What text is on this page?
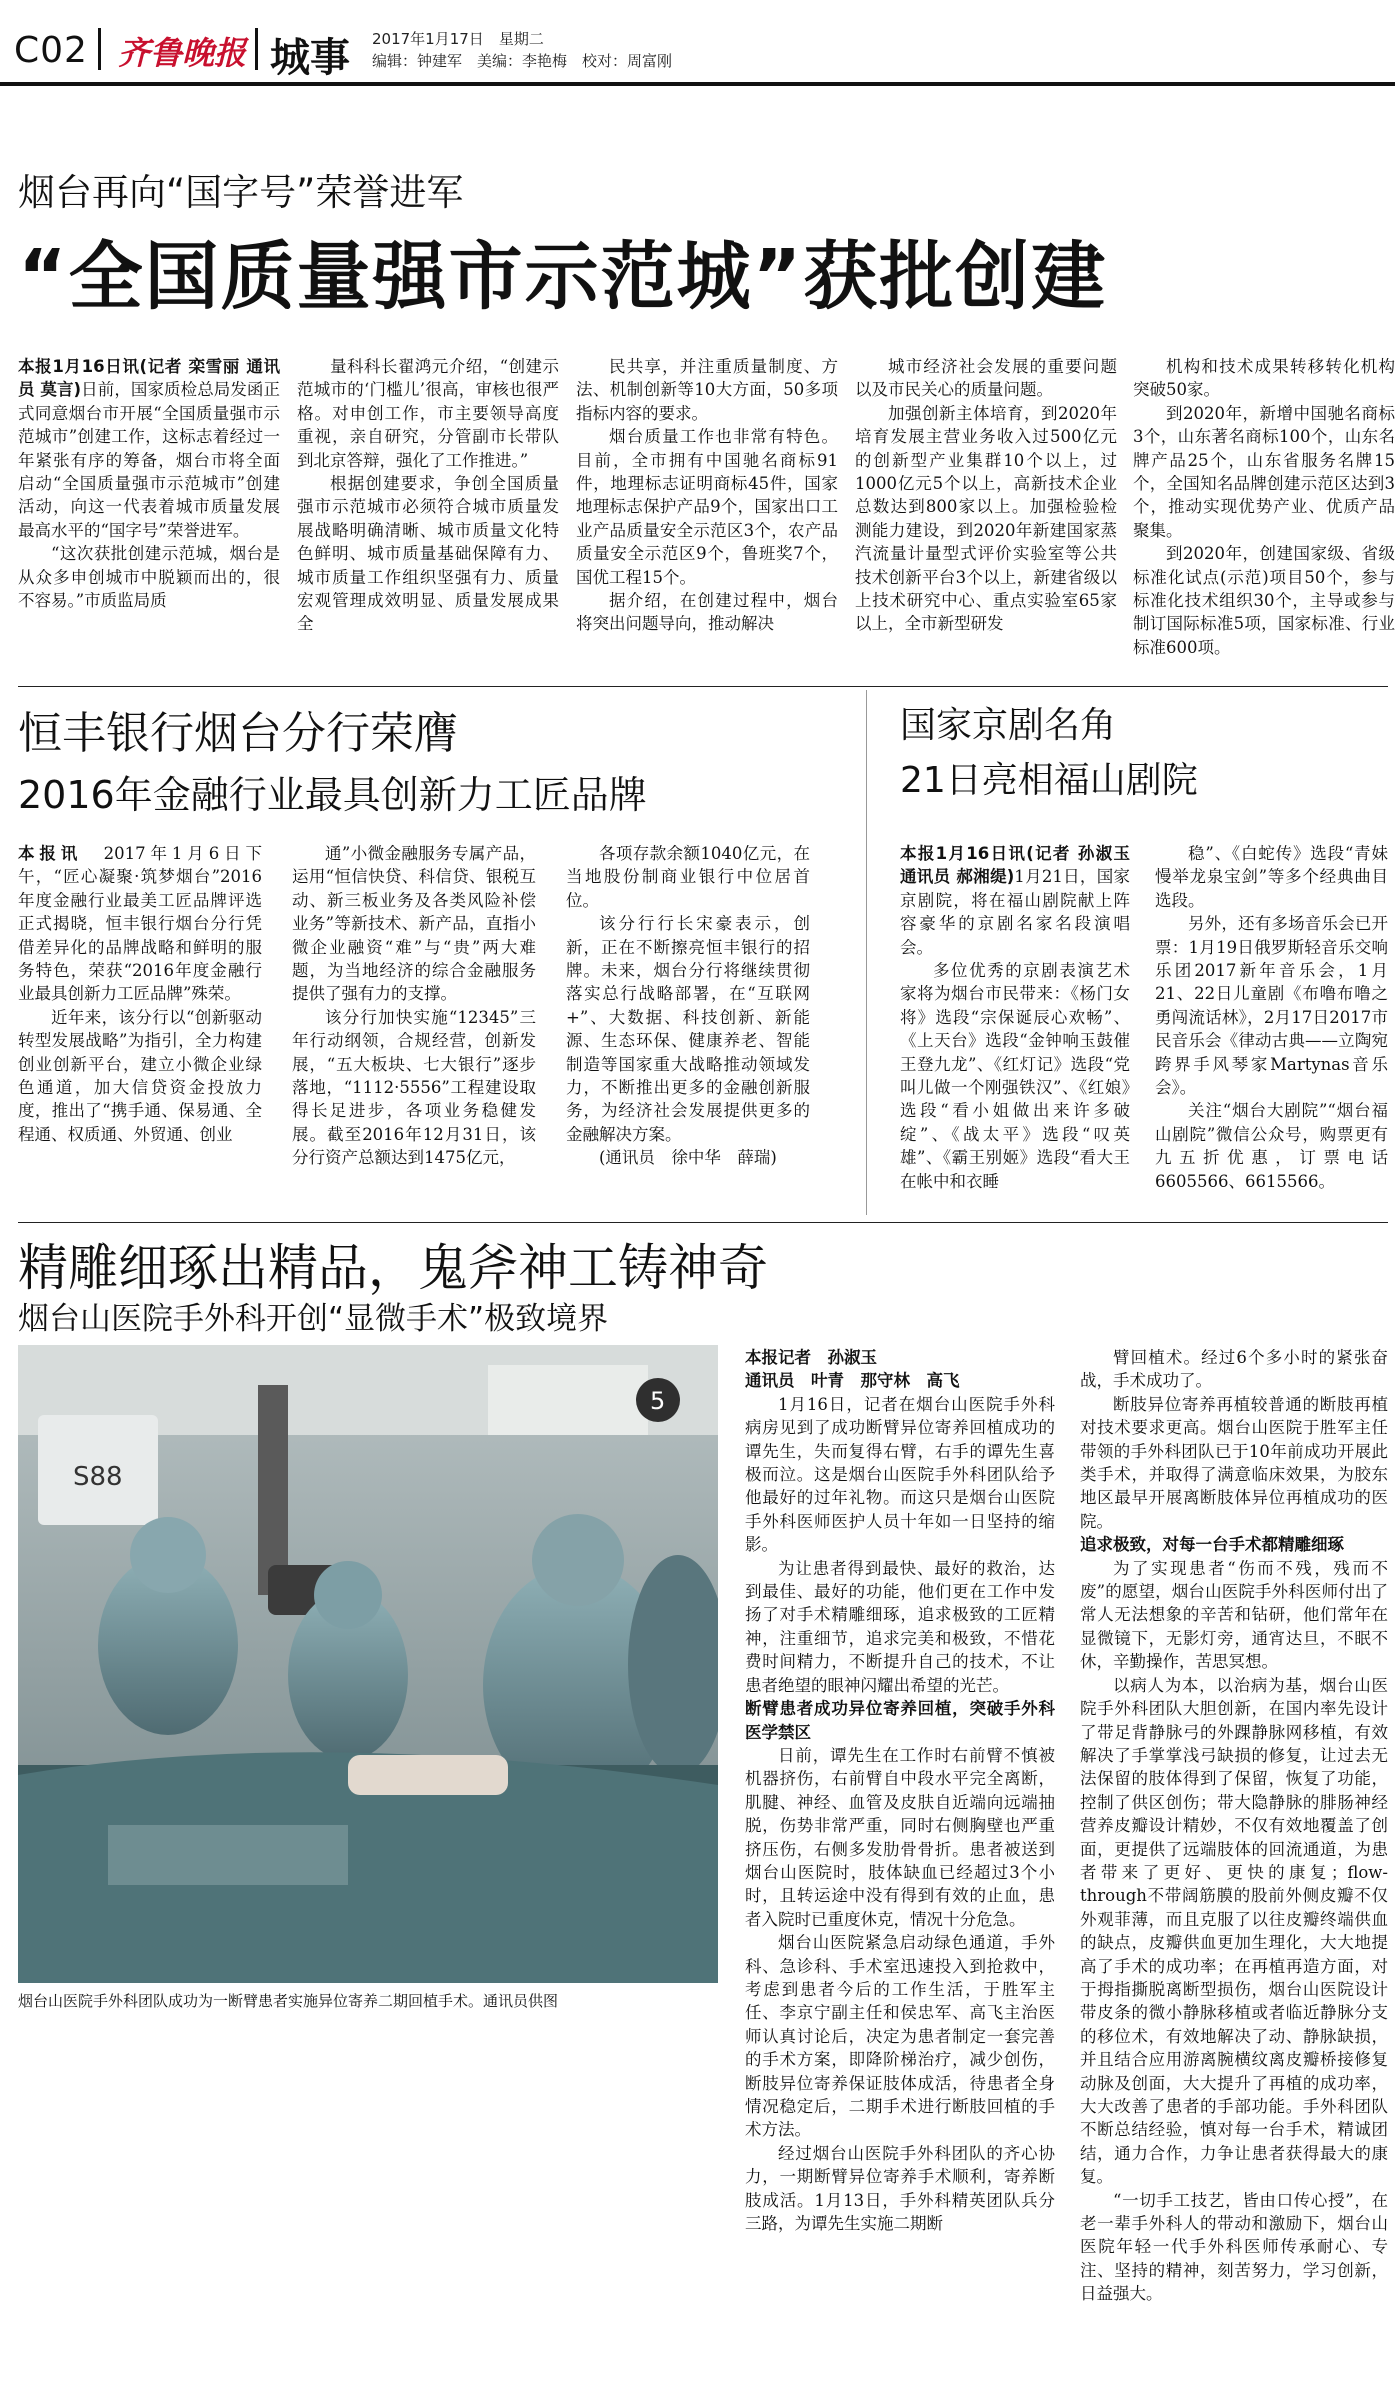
C02 齐鲁晚报 城事 2017年1月17日　 星期二
编辑：钟建军　美编：李艳梅　校对：周富刚
烟台再向“国字号”荣誉进军
“全国质量强市示范城”获批创建

本报1月16日讯(记者 栾雪丽 通讯员 莫言)日前，国家质检总局发函正式同意烟台市开展“全国质量强市示范城市”创建工作，这标志着经过一年紧张有序的筹备，烟台市将全面启动“全国质量强市示范城市”创建活动，向这一代表着城市质量发展最高水平的“国字号”荣誉进军。

“这次获批创建示范城，烟台是从众多申创城市中脱颖而出的，很不容易。”市质监局质

量科科长翟鸿元介绍，“创建示范城市的‘门槛儿’很高，审核也很严格。对申创工作，市主要领导高度重视，亲自研究，分管副市长带队到北京答辩，强化了工作推进。”

根据创建要求，争创全国质量强市示范城市必须符合城市质量发展战略明确清晰、城市质量文化特色鲜明、城市质量基础保障有力、城市质量工作组织坚强有力、质量宏观管理成效明显、质量发展成果全

民共享，并注重质量制度、方法、机制创新等10大方面，50多项指标内容的要求。

烟台质量工作也非常有特色。目前，全市拥有中国驰名商标91件，地理标志证明商标45件，国家地理标志保护产品9个，国家出口工业产品质量安全示范区3个，农产品质量安全示范区9个，鲁班奖7个，国优工程15个。

据介绍，在创建过程中，烟台将突出问题导向，推动解决

城市经济社会发展的重要问题以及市民关心的质量问题。

加强创新主体培育，到2020年培育发展主营业务收入过500亿元的创新型产业集群10个以上，过1000亿元5个以上，高新技术企业总数达到800家以上。加强检验检测能力建设，到2020年新建国家蒸汽流量计量型式评价实验室等公共技术创新平台3个以上，新建省级以上技术研究中心、重点实验室65家以上，全市新型研发

机构和技术成果转移转化机构突破50家。

到2020年，新增中国驰名商标3个，山东著名商标100个，山东名牌产品25个，山东省服务名牌15个，全国知名品牌创建示范区达到3个，推动实现优势产业、优质产品聚集。

到2020年，创建国家级、省级标准化试点(示范)项目50个，参与标准化技术组织30个，主导或参与制订国际标准5项，国家标准、行业标准600项。

恒丰银行烟台分行荣膺
2016年金融行业最具创新力工匠品牌

本报讯　2017年1月6日下午，“匠心凝聚·筑梦烟台”2016年度金融行业最美工匠品牌评选正式揭晓，恒丰银行烟台分行凭借差异化的品牌战略和鲜明的服务特色，荣获“2016年度金融行业最具创新力工匠品牌”殊荣。

近年来，该分行以“创新驱动转型发展战略”为指引，全力构建创业创新平台，建立小微企业绿色通道，加大信贷资金投放力度，推出了“携手通、保易通、全程通、权质通、外贸通、创业

通”小微金融服务专属产品，运用“恒信快贷、科信贷、银税互动、新三板业务及各类风险补偿业务”等新技术、新产品，直指小微企业融资“难”与“贵”两大难题，为当地经济的综合金融服务提供了强有力的支撑。

该分行加快实施“12345”三年行动纲领，合规经营，创新发展，“五大板块、七大银行”逐步落地，“1112·5556”工程建设取得长足进步，各项业务稳健发展。截至2016年12月31日，该分行资产总额达到1475亿元，

各项存款余额1040亿元，在当地股份制商业银行中位居首位。

该分行行长宋豪表示，创新，正在不断擦亮恒丰银行的招牌。未来，烟台分行将继续贯彻落实总行战略部署，在“互联网+”、大数据、科技创新、新能源、生态环保、健康养老、智能制造等国家重大战略推动领域发力，不断推出更多的金融创新服务，为经济社会发展提供更多的金融解决方案。

(通讯员　徐中华　薛瑞)

国家京剧名角
21日亮相福山剧院

本报1月16日讯(记者 孙淑玉 通讯员 郝湘缇)1月21日，国家京剧院，将在福山剧院献上阵容豪华的京剧名家名段演唱会。

多位优秀的京剧表演艺术家将为烟台市民带来：《杨门女将》选段“宗保诞辰心欢畅”、《上天台》选段“金钟响玉鼓催王登九龙”、《红灯记》选段“党叫儿做一个刚强铁汉”、《红娘》选段“看小姐做出来许多破绽”、《战太平》选段“叹英雄”、《霸王别姬》选段“看大王在帐中和衣睡

稳”、《白蛇传》选段“青妹慢举龙泉宝剑”等多个经典曲目选段。

另外，还有多场音乐会已开票：1月19日俄罗斯轻音乐交响乐团2017新年音乐会，1月21、22日儿童剧《布噜布噜之勇闯流话林》，2月17日2017市民音乐会《律动古典——立陶宛跨界手风琴家Martynas音乐会》。

关注“烟台大剧院”“烟台福山剧院”微信公众号，购票更有九五折优惠，订票电话6605566、6615566。

精雕细琢出精品，鬼斧神工铸神奇
烟台山医院手外科开创“显微手术”极致境界
S88
5
烟台山医院手外科团队成功为一断臂患者实施异位寄养二期回植手术。通讯员供图

本报记者　孙淑玉
通讯员　叶青　那守林　高飞

1月16日，记者在烟台山医院手外科病房见到了成功断臂异位寄养回植成功的谭先生，失而复得右臂，右手的谭先生喜极而泣。这是烟台山医院手外科团队给予他最好的过年礼物。而这只是烟台山医院手外科医师医护人员十年如一日坚持的缩影。

为让患者得到最快、最好的救治，达到最佳、最好的功能，他们更在工作中发扬了对手术精雕细琢，追求极致的工匠精神，注重细节，追求完美和极致，不惜花费时间精力，不断提升自己的技术，不让患者绝望的眼神闪耀出希望的光芒。

断臂患者成功异位寄养回植，突破手外科医学禁区

日前，谭先生在工作时右前臂不慎被机器挤伤，右前臂自中段水平完全离断，肌腱、神经、血管及皮肤自近端向远端抽脱，伤势非常严重，同时右侧胸壁也严重挤压伤，右侧多发肋骨骨折。患者被送到烟台山医院时，肢体缺血已经超过3个小时，且转运途中没有得到有效的止血，患者入院时已重度休克，情况十分危急。

烟台山医院紧急启动绿色通道，手外科、急诊科、手术室迅速投入到抢救中，考虑到患者今后的工作生活，于胜军主任、李京宁副主任和侯忠军、高飞主治医师认真讨论后，决定为患者制定一套完善的手术方案，即降阶梯治疗，减少创伤，断肢异位寄养保证肢体成活，待患者全身情况稳定后，二期手术进行断肢回植的手术方法。

经过烟台山医院手外科团队的齐心协力，一期断臂异位寄养手术顺利，寄养断肢成活。1月13日，手外科精英团队兵分三路，为谭先生实施二期断

臂回植术。经过6个多小时的紧张奋战，手术成功了。

断肢异位寄养再植较普通的断肢再植对技术要求更高。烟台山医院于胜军主任带领的手外科团队已于10年前成功开展此类手术，并取得了满意临床效果，为胶东地区最早开展离断肢体异位再植成功的医院。

追求极致，对每一台手术都精雕细琢

为了实现患者“伤而不残，残而不废”的愿望，烟台山医院手外科医师付出了常人无法想象的辛苦和钻研，他们常年在显微镜下，无影灯旁，通宵达旦，不眠不休，辛勤操作，苦思冥想。

以病人为本，以治病为基，烟台山医院手外科团队大胆创新，在国内率先设计了带足背静脉弓的外踝静脉网移植，有效解决了手掌掌浅弓缺损的修复，让过去无法保留的肢体得到了保留，恢复了功能，控制了供区创伤；带大隐静脉的腓肠神经营养皮瓣设计精妙，不仅有效地覆盖了创面，更提供了远端肢体的回流通道，为患者带来了更好、更快的康复；flow-through不带阔筋膜的股前外侧皮瓣不仅外观菲薄，而且克服了以往皮瓣终端供血的缺点，皮瓣供血更加生理化，大大地提高了手术的成功率；在再植再造方面，对于拇指撕脱离断型损伤，烟台山医院设计带皮条的微小静脉移植或者临近静脉分支的移位术，有效地解决了动、静脉缺损，并且结合应用游离腕横纹离皮瓣桥接修复动脉及创面，大大提升了再植的成功率，大大改善了患者的手部功能。手外科团队不断总结经验，慎对每一台手术，精诚团结，通力合作，力争让患者获得最大的康复。

“一切手工技艺，皆由口传心授”，在老一辈手外科人的带动和激励下，烟台山医院年轻一代手外科医师传承耐心、专注、坚持的精神，刻苦努力，学习创新，日益强大。
